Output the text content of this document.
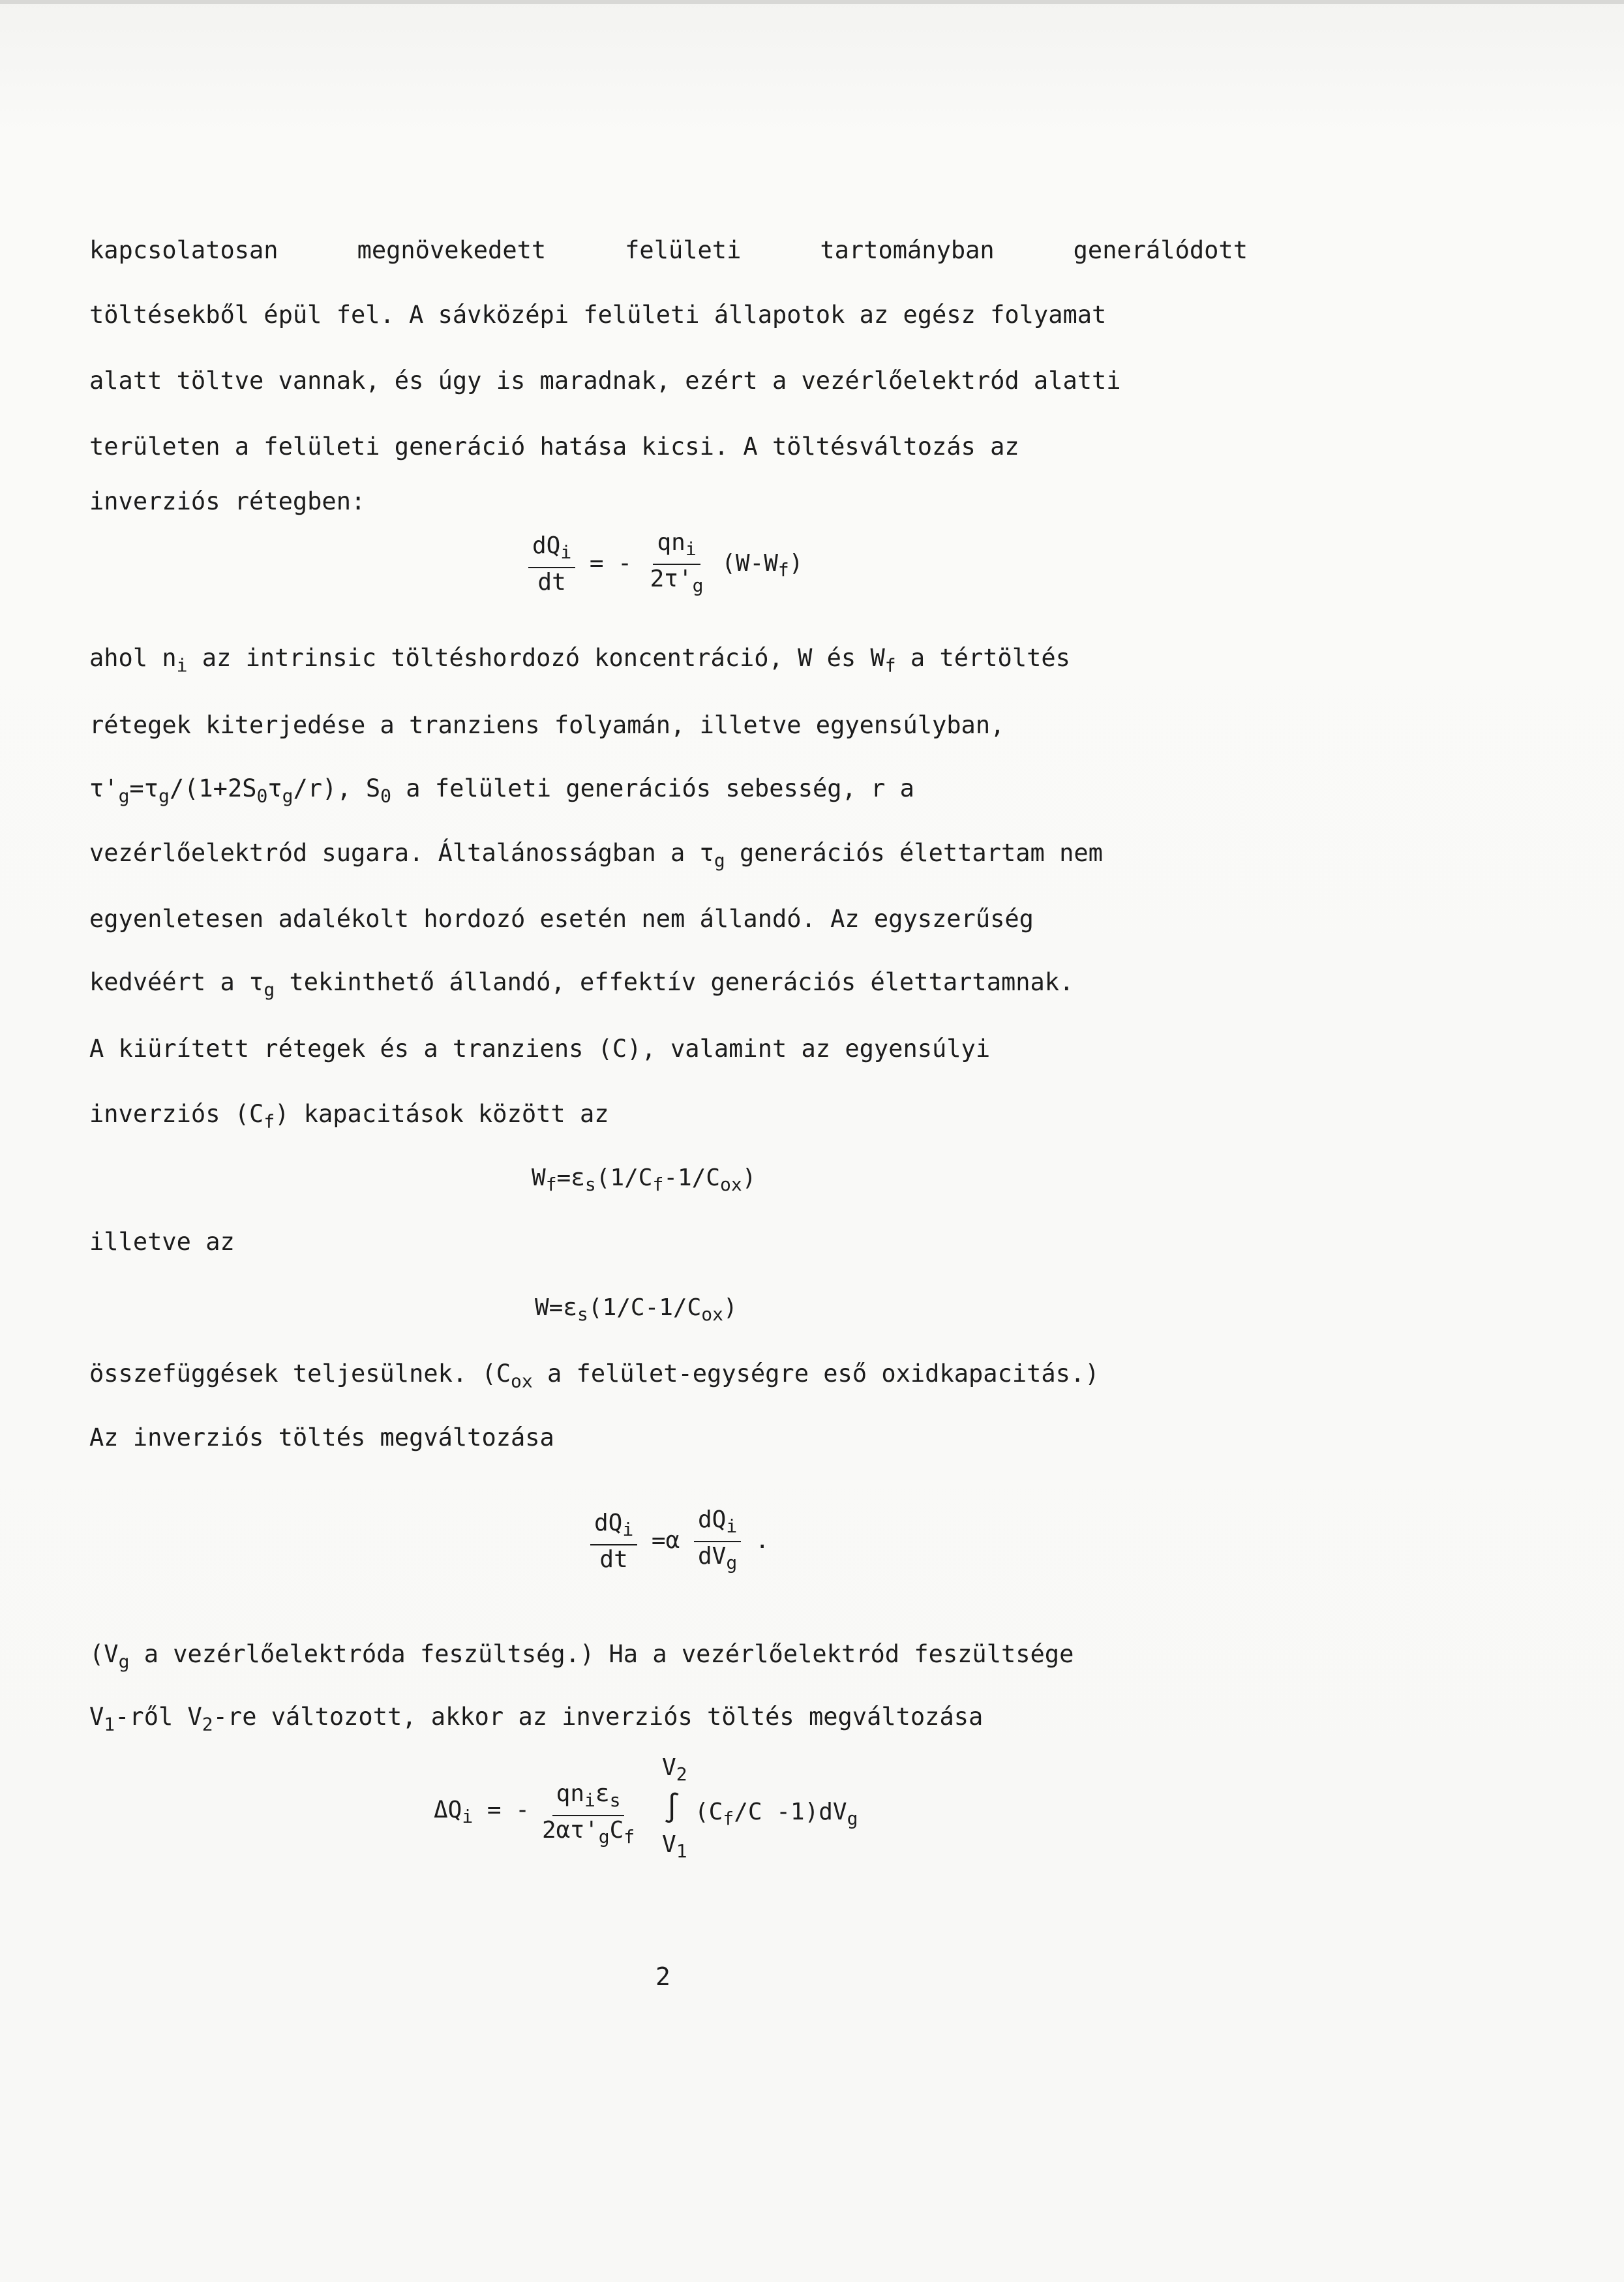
kapcsolatosan	megnövekedett	felületi	tartományban	generálódott
töltésekből épül fel. A sávközépi felületi állapotok az egész folyamat
alatt töltve vannak, és úgy is maradnak, ezért a vezérlőelektród alatti
területen a felületi generáció hatása kicsi. A töltésváltozás az
inverziós rétegben:
$\frac{dQ_i}{dt}$ = - $\frac{qn_i}{2\tau'_g} (W-W_f)$
ahol $n_i$ az intrinsic töltéshordozó koncentráció, W és $W_f$ a tértöltés
rétegek kiterjedése a tranziens folyamán, illetve egyensúlyban,
$\tau'_g=\tau_g/(1+2S_0\tau_g/r)$, $S_0$ a felületi generációs sebesség, r a
vezérlőelektród sugara. Általánosságban a $\tau_g$ generációs élettartam nem
egyenletesen adalékolt hordozó esetén nem állandó. Az egyszerűség
kedvéért a $\tau_g$ tekinthető állandó, effektív generációs élettartamnak.
A kiürített rétegek és a tranziens (C), valamint az egyensúlyi
inverziós $(C_f)$ kapacitások között az
$W_f=\varepsilon_s(1/C_f-1/C_{ox})$
illetve az
$W=\varepsilon_s(1/C-1/C_{ox})$
összefüggések teljesülnek. ($C_{ox}$ a felület-egységre eső oxidkapacitás.)
Az inverziós töltés megváltozása
$\frac{dQ_i}{dt} =\alpha \frac{dQ_i}{dV_g}$ .
($V_g$ a vezérlőelektróda feszültség.) Ha a vezérlőelektród feszültsége
$V_1$-ről $V_2-re$ változott, akkor az inverziós töltés megváltozása
$\Delta Q_i$ = -
$qn_i\varepsilon_s$
$2\alpha\tau'_gC_f$
$V_2$
∫
$V_1$
($C_f/C$ $-1)dV_g$
2
